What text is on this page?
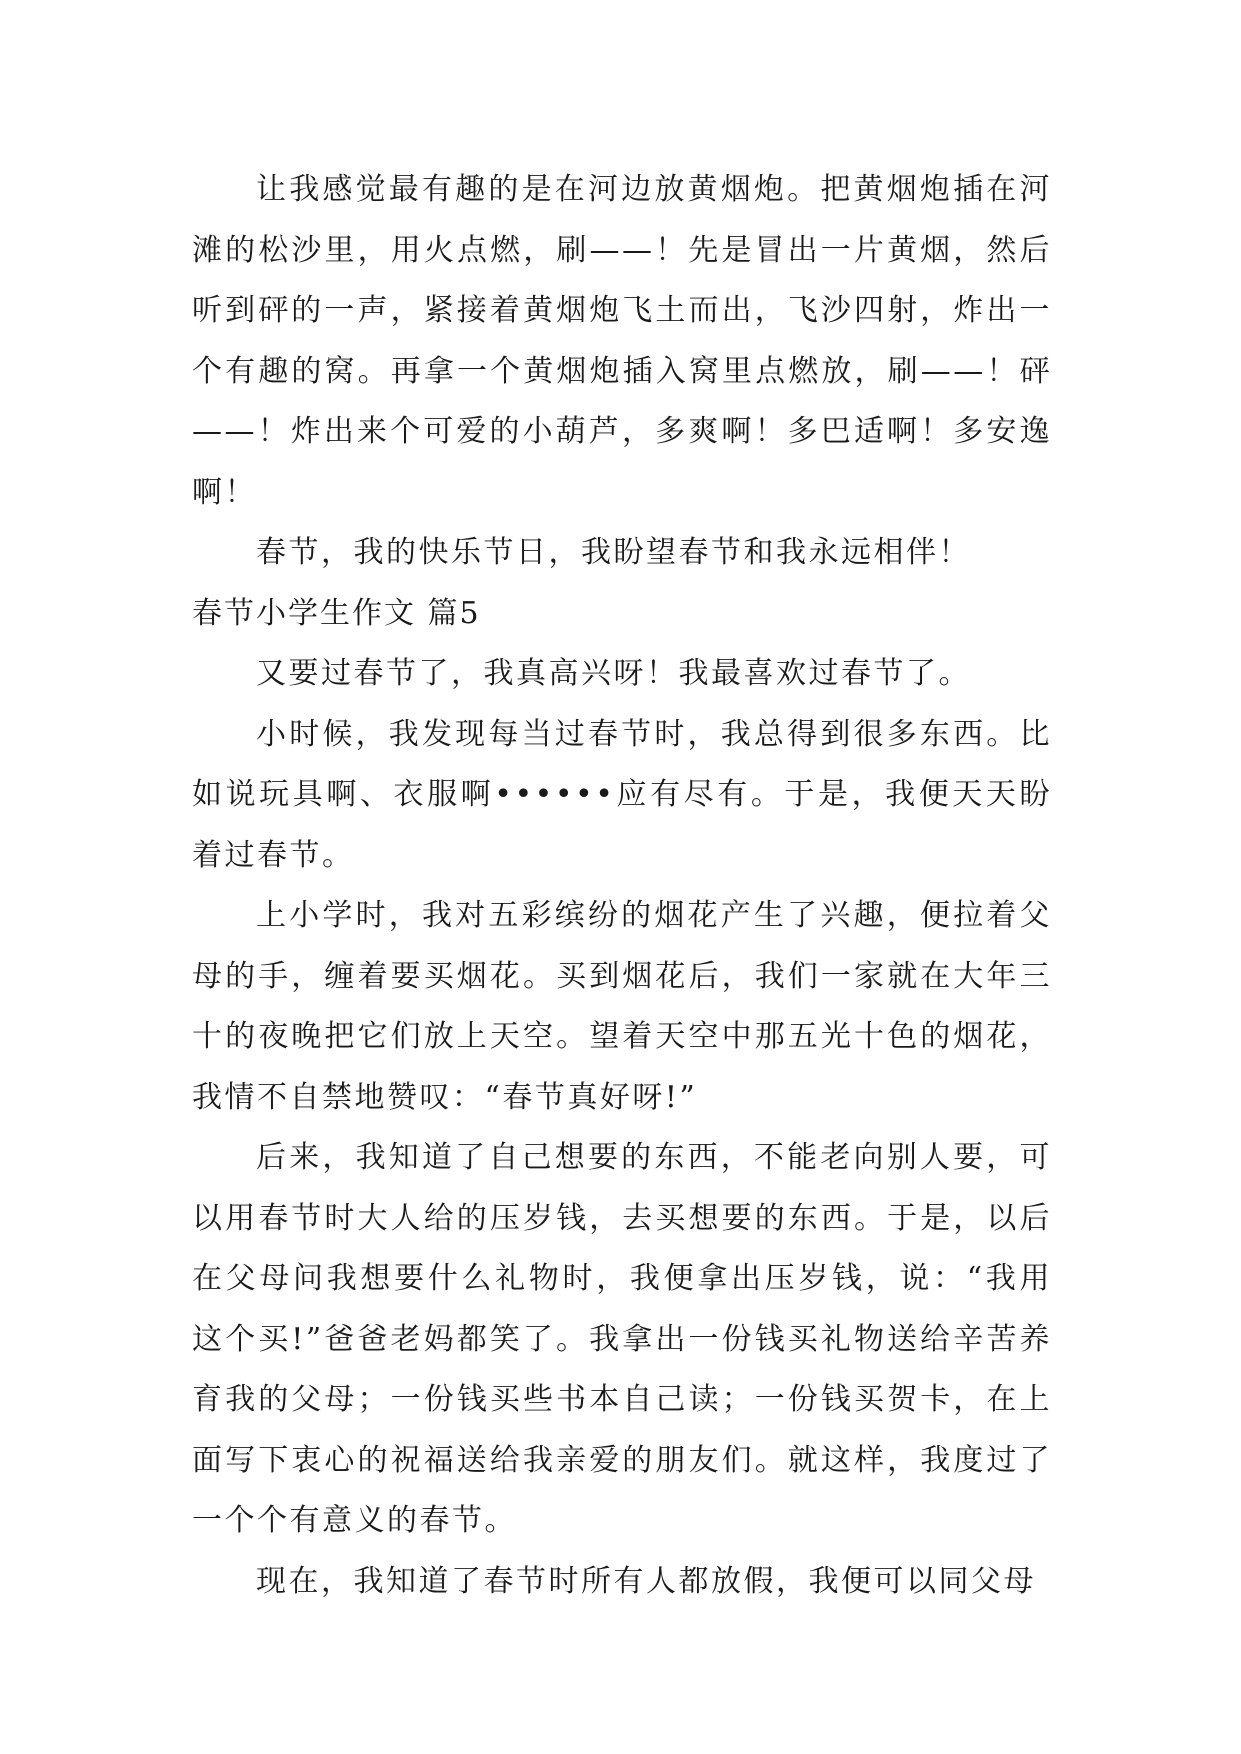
让我感觉最有趣的是在河边放黄烟炮。把黄烟炮插在河滩的松沙里，用火点燃，刷——！先是冒出一片黄烟，然后听到砰的一声，紧接着黄烟炮飞土而出，飞沙四射，炸出一个有趣的窝。再拿一个黄烟炮插入窝里点燃放，刷——！砰——！炸出来个可爱的小葫芦，多爽啊！多巴适啊！多安逸啊！

春节，我的快乐节日，我盼望春节和我永远相伴！

春节小学生作文 篇5

又要过春节了，我真高兴呀！我最喜欢过春节了。

小时候，我发现每当过春节时，我总得到很多东西。比如说玩具啊、衣服啊••••••应有尽有。于是，我便天天盼着过春节。

上小学时，我对五彩缤纷的烟花产生了兴趣，便拉着父母的手，缠着要买烟花。买到烟花后，我们一家就在大年三十的夜晚把它们放上天空。望着天空中那五光十色的烟花，我情不自禁地赞叹：“春节真好呀!”

后来，我知道了自己想要的东西，不能老向别人要，可以用春节时大人给的压岁钱，去买想要的东西。于是，以后在父母问我想要什么礼物时，我便拿出压岁钱，说：“我用这个买!”爸爸老妈都笑了。我拿出一份钱买礼物送给辛苦养育我的父母；一份钱买些书本自己读；一份钱买贺卡，在上面写下衷心的祝福送给我亲爱的朋友们。就这样，我度过了一个个有意义的春节。

现在，我知道了春节时所有人都放假，我便可以同父母
